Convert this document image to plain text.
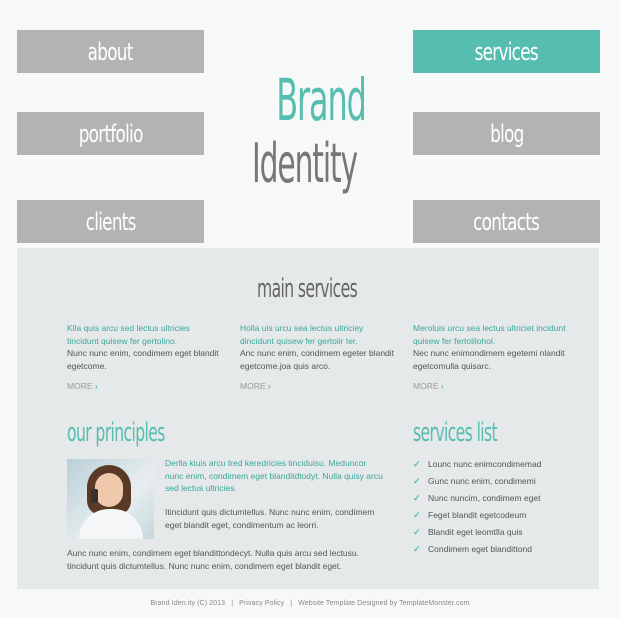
about
portfolio
clients
services
blog
contacts
Brand
Identity
main services
Klla quis arcu sed lectus ultricies tincidunt quisew fer gertolino.
Nunc nunc enim, condimem eget blandit egetcome.
MORE ›
Holla uis urcu sea lectus ultriciey dincidunt quisew fer gertolir ter.
Anc nunc enim, condimem egeter blandit egetcome.joa quis arco.
MORE ›
Meroluis urcu sea lectus ultriciet incidunt quisew fer fertolilohol.
Nec nunc enimondimem egetemi nlandit egetcomulla quisarc.
MORE ›
our principles
Derlla kiuis arcu tred keredricies tinciduisu. Meduncor nunc enim, condimem eget blanditdtodyt. Nulla quisy arcu sed lectus ultricies.
Itincidunt quis dictumtellus. Nunc nunc enim, condimem eget blandit eget, condimentum ac leorri.
Aunc nunc enim, condimem eget blandittondecyt. Nulla quis arcu sed lectusu. tincidunt quis dictumtellus. Nunc nunc enim, condimem eget blandit eget.
services list
✓ Lounc nunc enimcondimemad
✓ Gunc nunc enim, condimemi
✓ Nunc nuncim, condimem eget
✓ Feget blandit egetcodeum
✓ Blandit eget leomtlla quis
✓ Condimem eget blandittond
Brand Iden.ity (C) 2013 | Privacy Policy | Website Template Designed by TemplateMonster.com
